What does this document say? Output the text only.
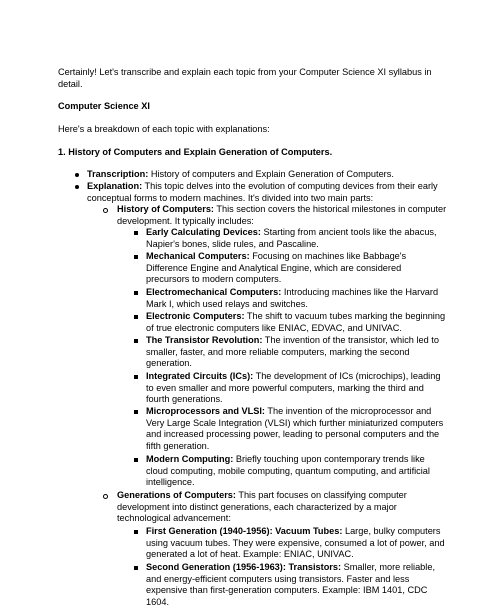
Certainly! Let's transcribe and explain each topic from your Computer Science XI syllabus in detail.

Computer Science XI

Here's a breakdown of each topic with explanations:

1. History of Computers and Explain Generation of Computers.

Transcription: History of computers and Explain Generation of Computers.

Explanation: This topic delves into the evolution of computing devices from their early conceptual forms to modern machines. It's divided into two main parts:

History of Computers: This section covers the historical milestones in computer development. It typically includes:

Early Calculating Devices: Starting from ancient tools like the abacus, Napier's bones, slide rules, and Pascaline.

Mechanical Computers: Focusing on machines like Babbage's Difference Engine and Analytical Engine, which are considered precursors to modern computers.

Electromechanical Computers: Introducing machines like the Harvard Mark I, which used relays and switches.

Electronic Computers: The shift to vacuum tubes marking the beginning of true electronic computers like ENIAC, EDVAC, and UNIVAC.

The Transistor Revolution: The invention of the transistor, which led to smaller, faster, and more reliable computers, marking the second generation.

Integrated Circuits (ICs): The development of ICs (microchips), leading to even smaller and more powerful computers, marking the third and fourth generations.

Microprocessors and VLSI: The invention of the microprocessor and Very Large Scale Integration (VLSI) which further miniaturized computers and increased processing power, leading to personal computers and the fifth generation.

Modern Computing: Briefly touching upon contemporary trends like cloud computing, mobile computing, quantum computing, and artificial intelligence.

Generations of Computers: This part focuses on classifying computer development into distinct generations, each characterized by a major technological advancement:

First Generation (1940-1956): Vacuum Tubes: Large, bulky computers using vacuum tubes. They were expensive, consumed a lot of power, and generated a lot of heat. Example: ENIAC, UNIVAC.

Second Generation (1956-1963): Transistors: Smaller, more reliable, and energy-efficient computers using transistors. Faster and less expensive than first-generation computers. Example: IBM 1401, CDC 1604.
